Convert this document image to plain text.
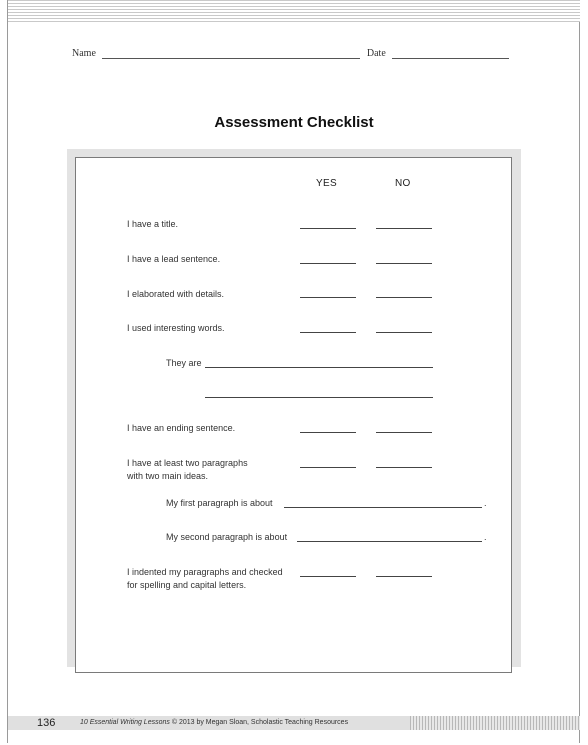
Name	Date
Assessment Checklist
YES	NO
I have a title.
I have a lead sentence.
I elaborated with details.
I used interesting words.
They are
I have an ending sentence.
I have at least two paragraphs
with two main ideas.
My first paragraph is about	.
My second paragraph is about	.
I indented my paragraphs and checked
for spelling and capital letters.
136	10 Essential Writing Lessons © 2013 by Megan Sloan, Scholastic Teaching Resources
